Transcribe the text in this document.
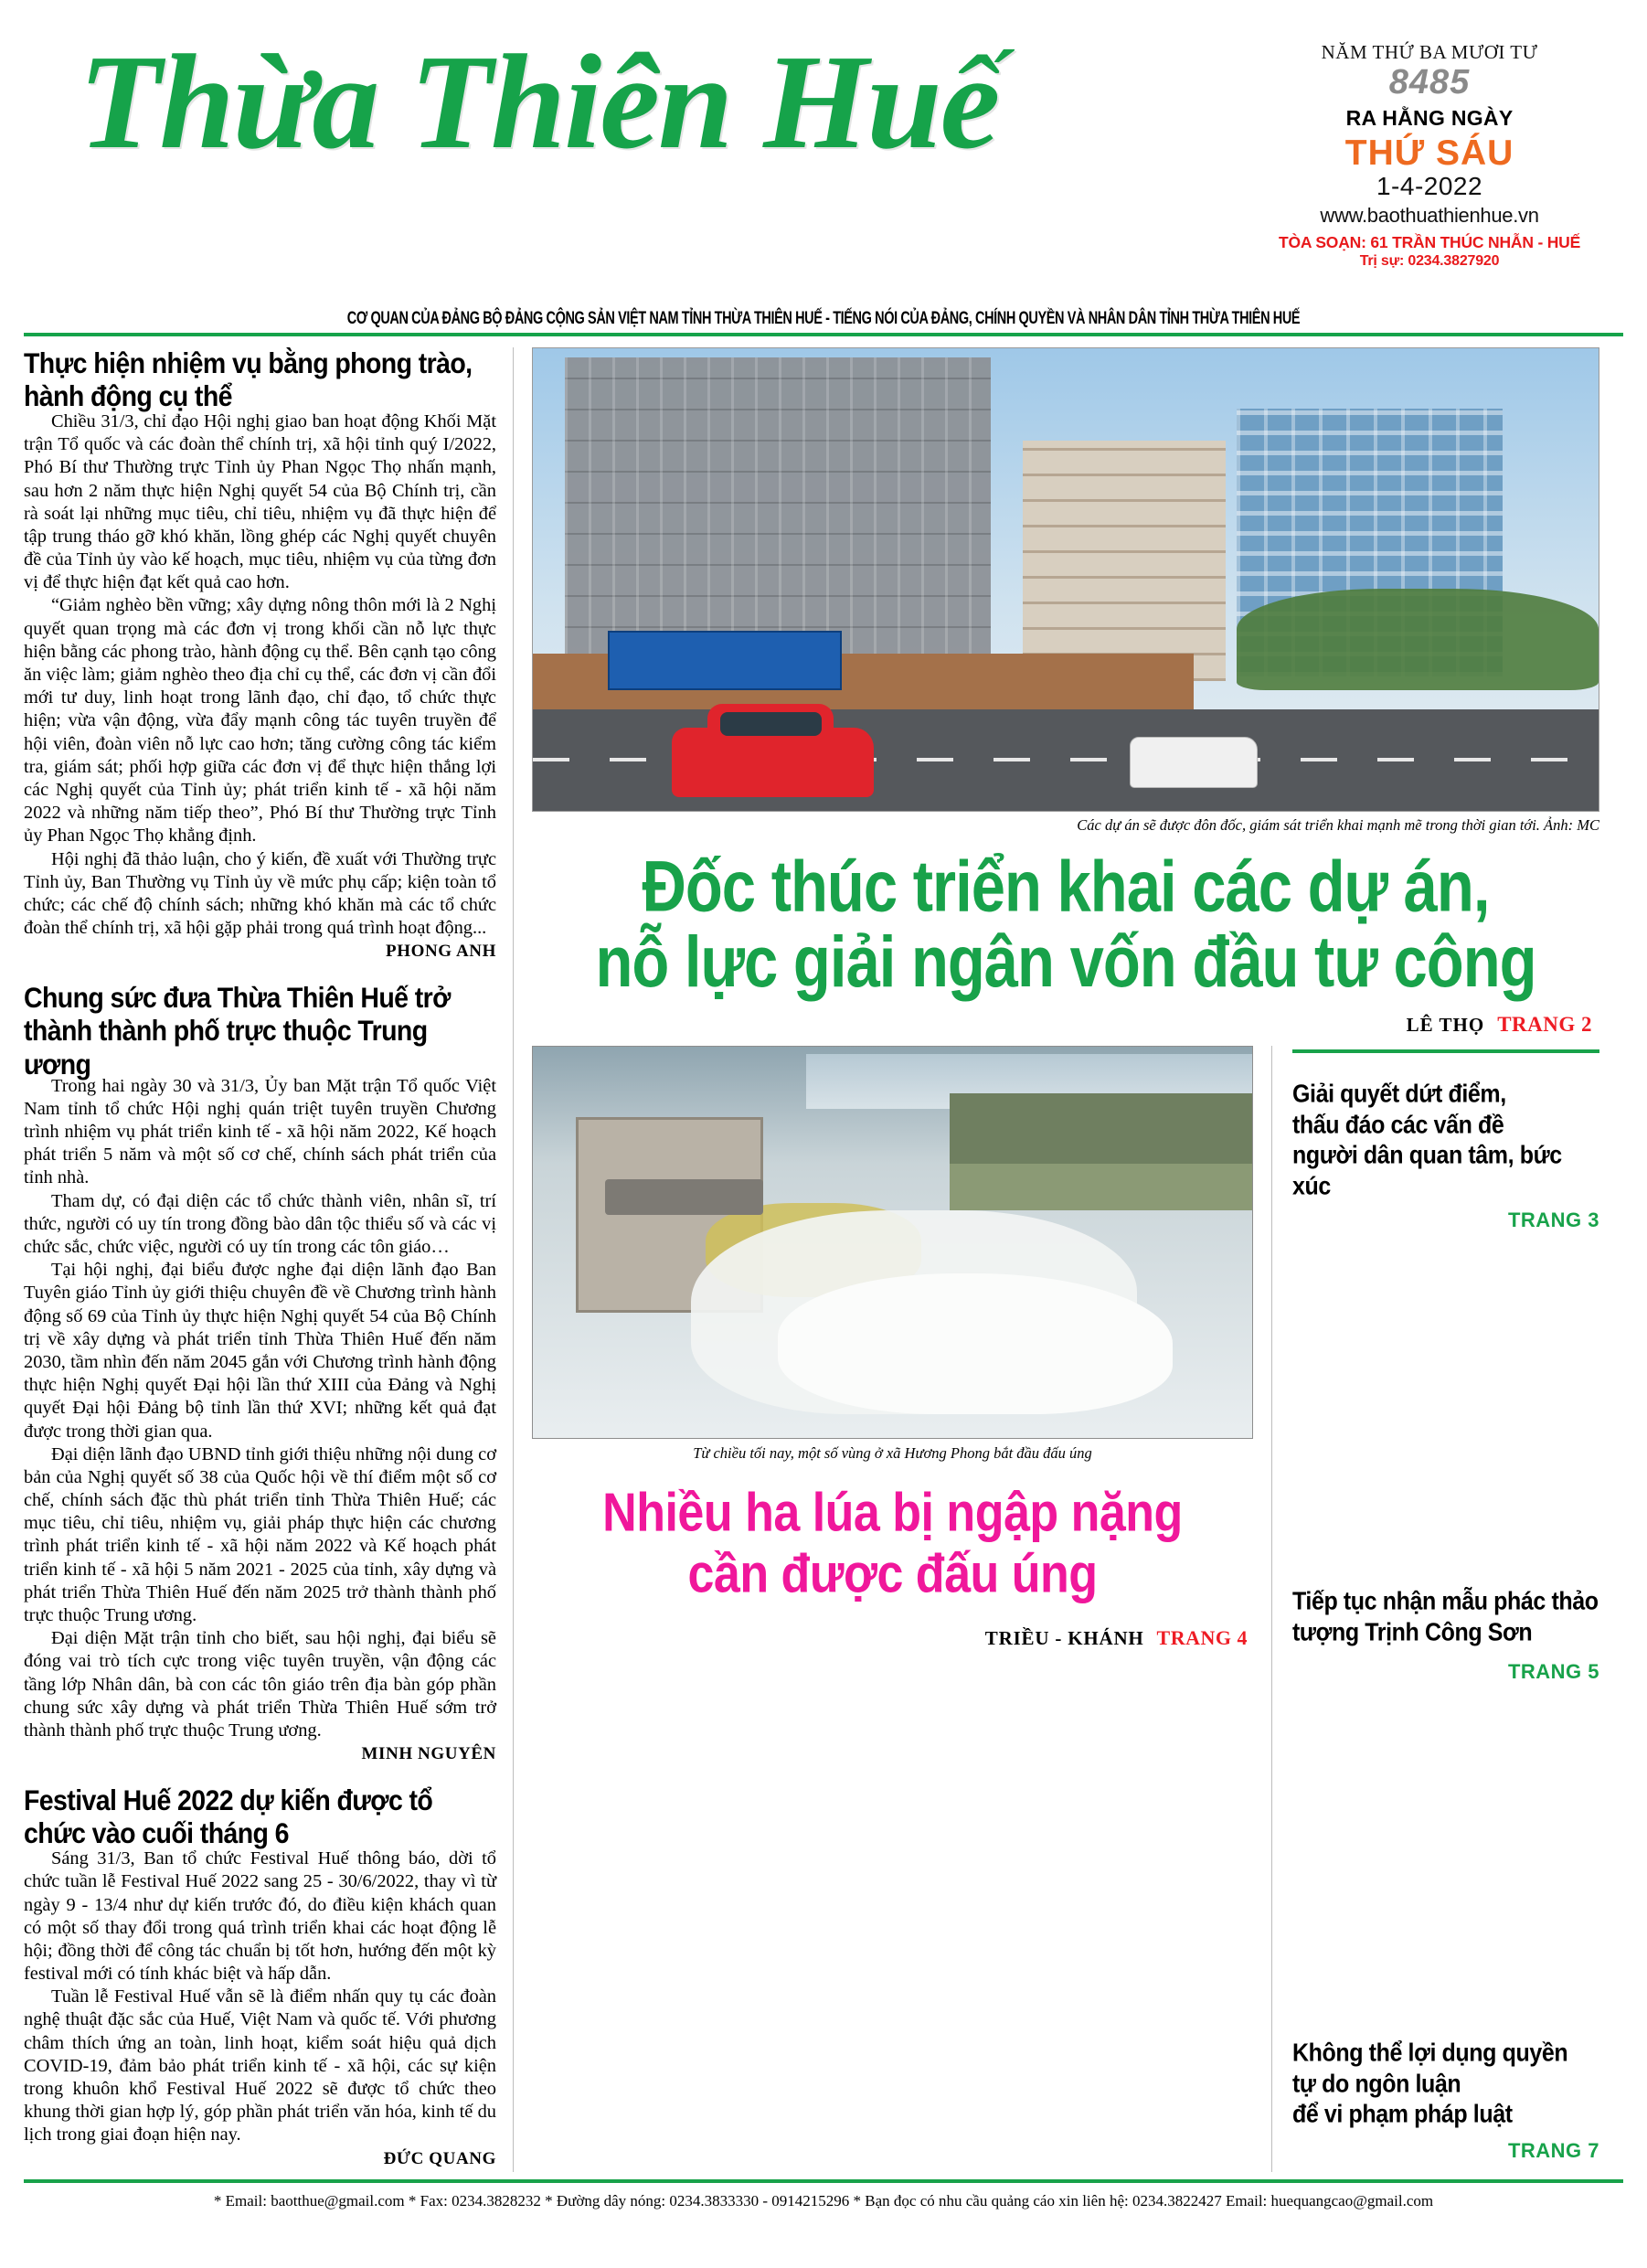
Thừa Thiên Huế	NĂM THỨ BA MƯƠI TƯ
8485
RA HẰNG NGÀY
THỨ SÁU
1-4-2022
www.baothuathienhue.vn
TÒA SOẠN: 61 TRẦN THÚC NHẪN - HUẾ
Trị sự: 0234.3827920
CƠ QUAN CỦA ĐẢNG BỘ ĐẢNG CỘNG SẢN VIỆT NAM TỈNH THỪA THIÊN HUẾ - TIẾNG NÓI CỦA ĐẢNG, CHÍNH QUYỀN VÀ NHÂN DÂN TỈNH THỪA THIÊN HUẾ
Thực hiện nhiệm vụ bằng phong trào, hành động cụ thể

Chiều 31/3, chỉ đạo Hội nghị giao ban hoạt động Khối Mặt trận Tổ quốc và các đoàn thể chính trị, xã hội tỉnh quý I/2022, Phó Bí thư Thường trực Tỉnh ủy Phan Ngọc Thọ nhấn mạnh, sau hơn 2 năm thực hiện Nghị quyết 54 của Bộ Chính trị, cần rà soát lại những mục tiêu, chỉ tiêu, nhiệm vụ đã thực hiện để tập trung tháo gỡ khó khăn, lồng ghép các Nghị quyết chuyên đề của Tỉnh ủy vào kế hoạch, mục tiêu, nhiệm vụ của từng đơn vị để thực hiện đạt kết quả cao hơn.

“Giảm nghèo bền vững; xây dựng nông thôn mới là 2 Nghị quyết quan trọng mà các đơn vị trong khối cần nỗ lực thực hiện bằng các phong trào, hành động cụ thể. Bên cạnh tạo công ăn việc làm; giảm nghèo theo địa chỉ cụ thể, các đơn vị cần đổi mới tư duy, linh hoạt trong lãnh đạo, chỉ đạo, tổ chức thực hiện; vừa vận động, vừa đẩy mạnh công tác tuyên truyền để hội viên, đoàn viên nỗ lực cao hơn; tăng cường công tác kiểm tra, giám sát; phối hợp giữa các đơn vị để thực hiện thắng lợi các Nghị quyết của Tỉnh ủy; phát triển kinh tế - xã hội năm 2022 và những năm tiếp theo”, Phó Bí thư Thường trực Tỉnh ủy Phan Ngọc Thọ khẳng định.

Hội nghị đã thảo luận, cho ý kiến, đề xuất với Thường trực Tỉnh ủy, Ban Thường vụ Tỉnh ủy về mức phụ cấp; kiện toàn tổ chức; các chế độ chính sách; những khó khăn mà các tổ chức đoàn thể chính trị, xã hội gặp phải trong quá trình hoạt động...

PHONG ANH
Chung sức đưa Thừa Thiên Huế trở thành thành phố trực thuộc Trung ương

Trong hai ngày 30 và 31/3, Ủy ban Mặt trận Tổ quốc Việt Nam tỉnh tổ chức Hội nghị quán triệt tuyên truyền Chương trình nhiệm vụ phát triển kinh tế - xã hội năm 2022, Kế hoạch phát triển 5 năm và một số cơ chế, chính sách phát triển của tỉnh nhà.

Tham dự, có đại diện các tổ chức thành viên, nhân sĩ, trí thức, người có uy tín trong đồng bào dân tộc thiểu số và các vị chức sắc, chức việc, người có uy tín trong các tôn giáo…

Tại hội nghị, đại biểu được nghe đại diện lãnh đạo Ban Tuyên giáo Tỉnh ủy giới thiệu chuyên đề về Chương trình hành động số 69 của Tỉnh ủy thực hiện Nghị quyết 54 của Bộ Chính trị về xây dựng và phát triển tỉnh Thừa Thiên Huế đến năm 2030, tầm nhìn đến năm 2045 gắn với Chương trình hành động thực hiện Nghị quyết Đại hội lần thứ XIII của Đảng và Nghị quyết Đại hội Đảng bộ tỉnh lần thứ XVI; những kết quả đạt được trong thời gian qua.

Đại diện lãnh đạo UBND tỉnh giới thiệu những nội dung cơ bản của Nghị quyết số 38 của Quốc hội về thí điểm một số cơ chế, chính sách đặc thù phát triển tỉnh Thừa Thiên Huế; các mục tiêu, chỉ tiêu, nhiệm vụ, giải pháp thực hiện các chương trình phát triển kinh tế - xã hội năm 2022 và Kế hoạch phát triển kinh tế - xã hội 5 năm 2021 - 2025 của tỉnh, xây dựng và phát triển Thừa Thiên Huế đến năm 2025 trở thành thành phố trực thuộc Trung ương.

Đại diện Mặt trận tỉnh cho biết, sau hội nghị, đại biểu sẽ đóng vai trò tích cực trong việc tuyên truyền, vận động các tầng lớp Nhân dân, bà con các tôn giáo trên địa bàn góp phần chung sức xây dựng và phát triển Thừa Thiên Huế sớm trở thành thành phố trực thuộc Trung ương.

MINH NGUYÊN
Festival Huế 2022 dự kiến được tổ chức vào cuối tháng 6

Sáng 31/3, Ban tổ chức Festival Huế thông báo, dời tổ chức tuần lễ Festival Huế 2022 sang 25 - 30/6/2022, thay vì từ ngày 9 - 13/4 như dự kiến trước đó, do điều kiện khách quan có một số thay đổi trong quá trình triển khai các hoạt động lễ hội; đồng thời để công tác chuẩn bị tốt hơn, hướng đến một kỳ festival mới có tính khác biệt và hấp dẫn.

Tuần lễ Festival Huế vẫn sẽ là điểm nhấn quy tụ các đoàn nghệ thuật đặc sắc của Huế, Việt Nam và quốc tế. Với phương châm thích ứng an toàn, linh hoạt, kiểm soát hiệu quả dịch COVID-19, đảm bảo phát triển kinh tế - xã hội, các sự kiện trong khuôn khổ Festival Huế 2022 sẽ được tổ chức theo khung thời gian hợp lý, góp phần phát triển văn hóa, kinh tế du lịch trong giai đoạn hiện nay.

ĐỨC QUANG
Các dự án sẽ được đôn đốc, giám sát triển khai mạnh mẽ trong thời gian tới. Ảnh: MC
Đốc thúc triển khai các dự án,
nỗ lực giải ngân vốn đầu tư công
LÊ THỌ TRANG 2
Từ chiều tối nay, một số vùng ở xã Hương Phong bắt đầu đấu úng
Nhiều ha lúa bị ngập nặng
cần được đấu úng
TRIỀU - KHÁNH TRANG 4
Giải quyết dứt điểm,
thấu đáo các vấn đề
người dân quan tâm, bức xúc
TRANG 3
Tiếp tục nhận mẫu phác thảo
tượng Trịnh Công Sơn
TRANG 5
Không thể lợi dụng quyền
tự do ngôn luận
để vi phạm pháp luật
TRANG 7
* Email: baotthue@gmail.com * Fax: 0234.3828232 * Đường dây nóng: 0234.3833330 - 0914215296 * Bạn đọc có nhu cầu quảng cáo xin liên hệ: 0234.3822427 Email: huequangcao@gmail.com
